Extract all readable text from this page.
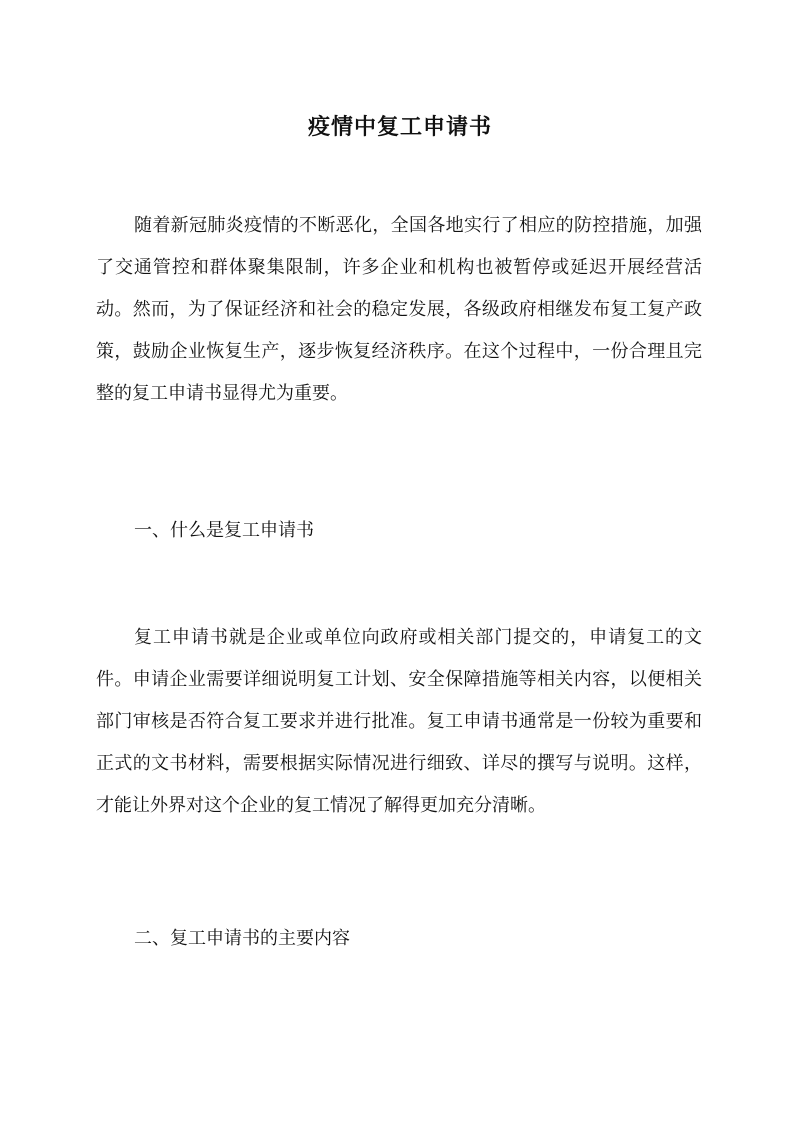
疫情中复工申请书

随着新冠肺炎疫情的不断恶化，全国各地实行了相应的防控措施，加强了交通管控和群体聚集限制，许多企业和机构也被暂停或延迟开展经营活动。然而，为了保证经济和社会的稳定发展，各级政府相继发布复工复产政策，鼓励企业恢复生产，逐步恢复经济秩序。在这个过程中，一份合理且完整的复工申请书显得尤为重要。

一、什么是复工申请书

复工申请书就是企业或单位向政府或相关部门提交的，申请复工的文件。申请企业需要详细说明复工计划、安全保障措施等相关内容，以便相关部门审核是否符合复工要求并进行批准。复工申请书通常是一份较为重要和正式的文书材料，需要根据实际情况进行细致、详尽的撰写与说明。这样，才能让外界对这个企业的复工情况了解得更加充分清晰。

二、复工申请书的主要内容
